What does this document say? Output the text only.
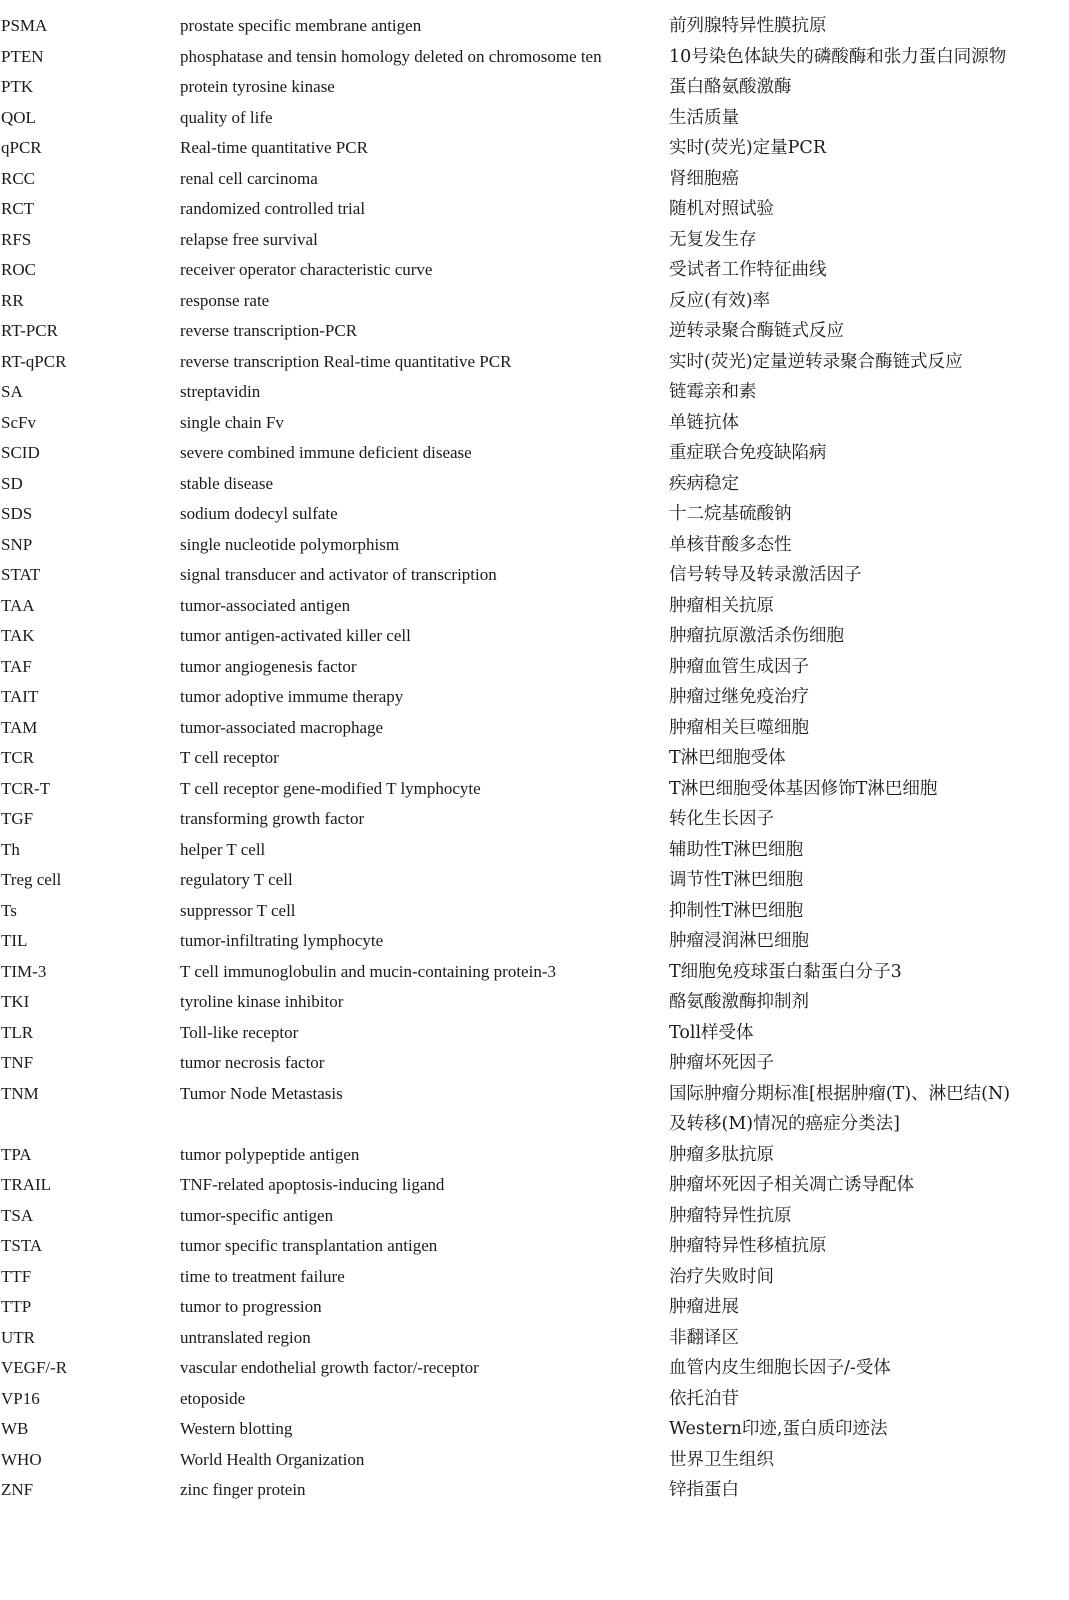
PSMA	prostate specific membrane antigen	前列腺特异性膜抗原
PTEN	phosphatase and tensin homology deleted on chromosome ten	10号染色体缺失的磷酸酶和张力蛋白同源物
PTK	protein tyrosine kinase	蛋白酪氨酸激酶
QOL	quality of life	生活质量
qPCR	Real-time quantitative PCR	实时(荧光)定量PCR
RCC	renal cell carcinoma	肾细胞癌
RCT	randomized controlled trial	随机对照试验
RFS	relapse free survival	无复发生存
ROC	receiver operator characteristic curve	受试者工作特征曲线
RR	response rate	反应(有效)率
RT-PCR	reverse transcription-PCR	逆转录聚合酶链式反应
RT-qPCR	reverse transcription Real-time quantitative PCR	实时(荧光)定量逆转录聚合酶链式反应
SA	streptavidin	链霉亲和素
ScFv	single chain Fv	单链抗体
SCID	severe combined immune deficient disease	重症联合免疫缺陷病
SD	stable disease	疾病稳定
SDS	sodium dodecyl sulfate	十二烷基硫酸钠
SNP	single nucleotide polymorphism	单核苷酸多态性
STAT	signal transducer and activator of transcription	信号转导及转录激活因子
TAA	tumor-associated antigen	肿瘤相关抗原
TAK	tumor antigen-activated killer cell	肿瘤抗原激活杀伤细胞
TAF	tumor angiogenesis factor	肿瘤血管生成因子
TAIT	tumor adoptive immume therapy	肿瘤过继免疫治疗
TAM	tumor-associated macrophage	肿瘤相关巨噬细胞
TCR	T cell receptor	T淋巴细胞受体
TCR-T	T cell receptor gene-modified T lymphocyte	T淋巴细胞受体基因修饰T淋巴细胞
TGF	transforming growth factor	转化生长因子
Th	helper T cell	辅助性T淋巴细胞
Treg cell	regulatory T cell	调节性T淋巴细胞
Ts	suppressor T cell	抑制性T淋巴细胞
TIL	tumor-infiltrating lymphocyte	肿瘤浸润淋巴细胞
TIM-3	T cell immunoglobulin and mucin-containing protein-3	T细胞免疫球蛋白黏蛋白分子3
TKI	tyroline kinase inhibitor	酪氨酸激酶抑制剂
TLR	Toll-like receptor	Toll样受体
TNF	tumor necrosis factor	肿瘤坏死因子
TNM	Tumor Node Metastasis	国际肿瘤分期标准[根据肿瘤(T)、淋巴结(N)
及转移(M)情况的癌症分类法]
TPA	tumor polypeptide antigen	肿瘤多肽抗原
TRAIL	TNF-related apoptosis-inducing ligand	肿瘤坏死因子相关凋亡诱导配体
TSA	tumor-specific antigen	肿瘤特异性抗原
TSTA	tumor specific transplantation antigen	肿瘤特异性移植抗原
TTF	time to treatment failure	治疗失败时间
TTP	tumor to progression	肿瘤进展
UTR	untranslated region	非翻译区
VEGF/-R	vascular endothelial growth factor/-receptor	血管内皮生细胞长因子/-受体
VP16	etoposide	依托泊苷
WB	Western blotting	Western印迹,蛋白质印迹法
WHO	World Health Organization	世界卫生组织
ZNF	zinc finger protein	锌指蛋白
